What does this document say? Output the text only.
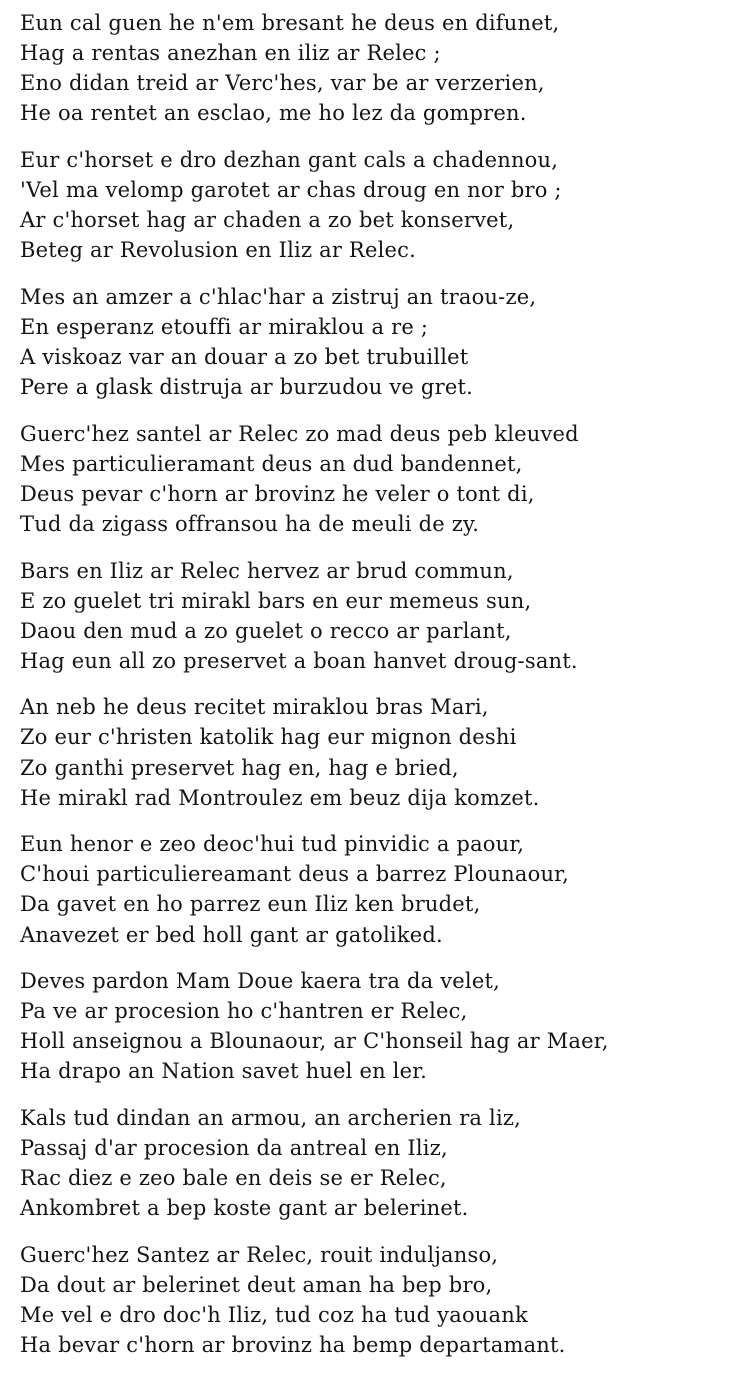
Eun cal guen he n'em bresant he deus en difunet,
Hag a rentas anezhan en iliz ar Relec ;
Eno didan treid ar Verc'hes, var be ar verzerien,
He oa rentet an esclao, me ho lez da gompren.
Eur c'horset e dro dezhan gant cals a chadennou,
'Vel ma velomp garotet ar chas droug en nor bro ;
Ar c'horset hag ar chaden a zo bet konservet,
Beteg ar Revolusion en Iliz ar Relec.
Mes an amzer a c'hlac'har a zistruj an traou-ze,
En esperanz etouffi ar miraklou a re ;
A viskoaz var an douar a zo bet trubuillet
Pere a glask distruja ar burzudou ve gret.
Guerc'hez santel ar Relec zo mad deus peb kleuved
Mes particulieramant deus an dud bandennet,
Deus pevar c'horn ar brovinz he veler o tont di,
Tud da zigass offransou ha de meuli de zy.
Bars en Iliz ar Relec hervez ar brud commun,
E zo guelet tri mirakl bars en eur memeus sun,
Daou den mud a zo guelet o recco ar parlant,
Hag eun all zo preservet a boan hanvet droug-sant.
An neb he deus recitet miraklou bras Mari,
Zo eur c'hristen katolik hag eur mignon deshi
Zo ganthi preservet hag en, hag e bried,
He mirakl rad Montroulez em beuz dija komzet.
Eun henor e zeo deoc'hui tud pinvidic a paour,
C'houi particuliereamant deus a barrez Plounaour,
Da gavet en ho parrez eun Iliz ken brudet,
Anavezet er bed holl gant ar gatoliked.
Deves pardon Mam Doue kaera tra da velet,
Pa ve ar procesion ho c'hantren er Relec,
Holl anseignou a Blounaour, ar C'honseil hag ar Maer,
Ha drapo an Nation savet huel en ler.
Kals tud dindan an armou, an archerien ra liz,
Passaj d'ar procesion da antreal en Iliz,
Rac diez e zeo bale en deis se er Relec,
Ankombret a bep koste gant ar belerinet.
Guerc'hez Santez ar Relec, rouit induljanso,
Da dout ar belerinet deut aman ha bep bro,
Me vel e dro doc'h Iliz, tud coz ha tud yaouank
Ha bevar c'horn ar brovinz ha bemp departamant.
